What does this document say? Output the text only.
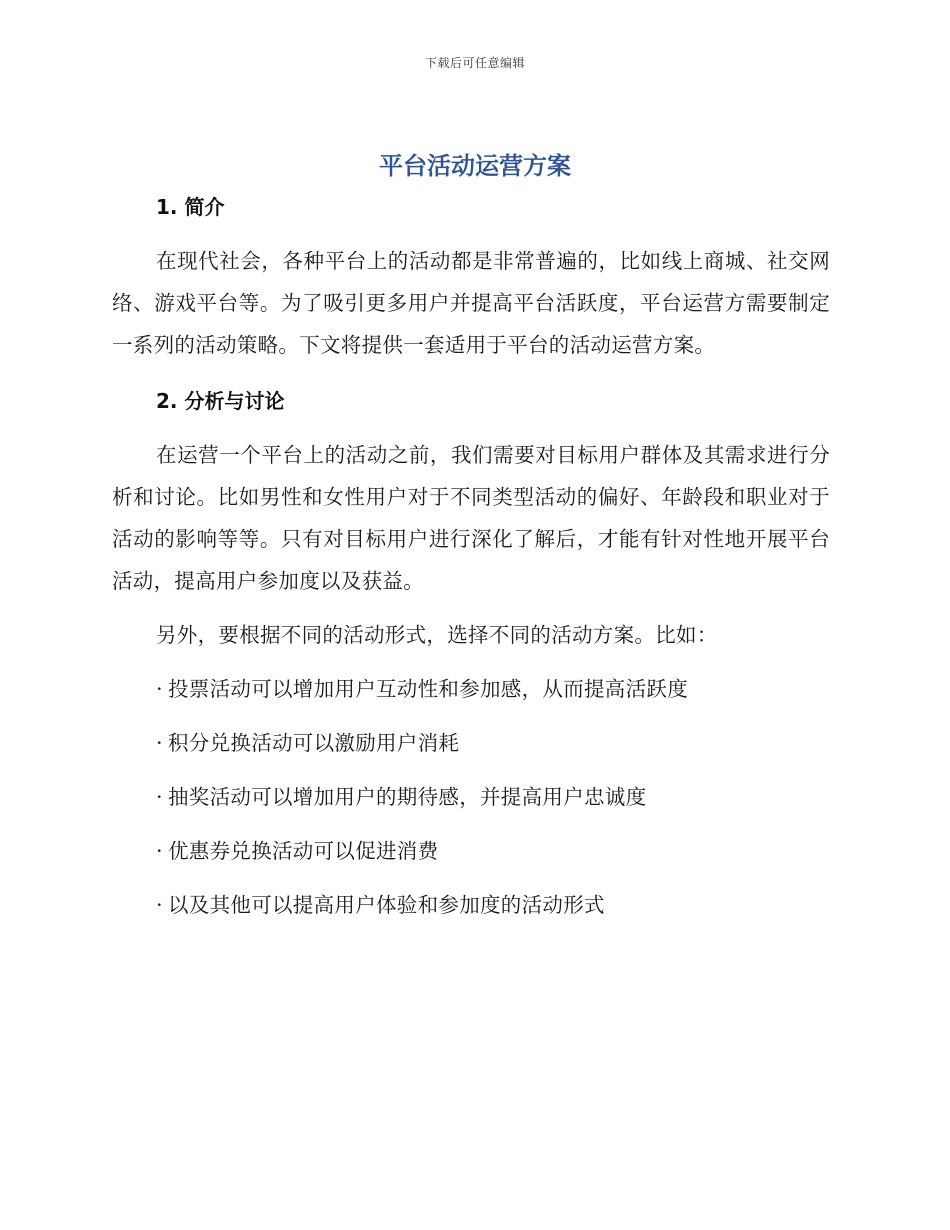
下载后可任意编辑
平台活动运营方案
1. 简介

在现代社会，各种平台上的活动都是非常普遍的，比如线上商城、社交网络、游戏平台等。为了吸引更多用户并提高平台活跃度，平台运营方需要制定一系列的活动策略。下文将提供一套适用于平台的活动运营方案。

2. 分析与讨论

在运营一个平台上的活动之前，我们需要对目标用户群体及其需求进行分析和讨论。比如男性和女性用户对于不同类型活动的偏好、年龄段和职业对于活动的影响等等。只有对目标用户进行深化了解后，才能有针对性地开展平台活动，提高用户参加度以及获益。

另外，要根据不同的活动形式，选择不同的活动方案。比如：

· 投票活动可以增加用户互动性和参加感，从而提高活跃度

· 积分兑换活动可以激励用户消耗

· 抽奖活动可以增加用户的期待感，并提高用户忠诚度

· 优惠券兑换活动可以促进消费

· 以及其他可以提高用户体验和参加度的活动形式
